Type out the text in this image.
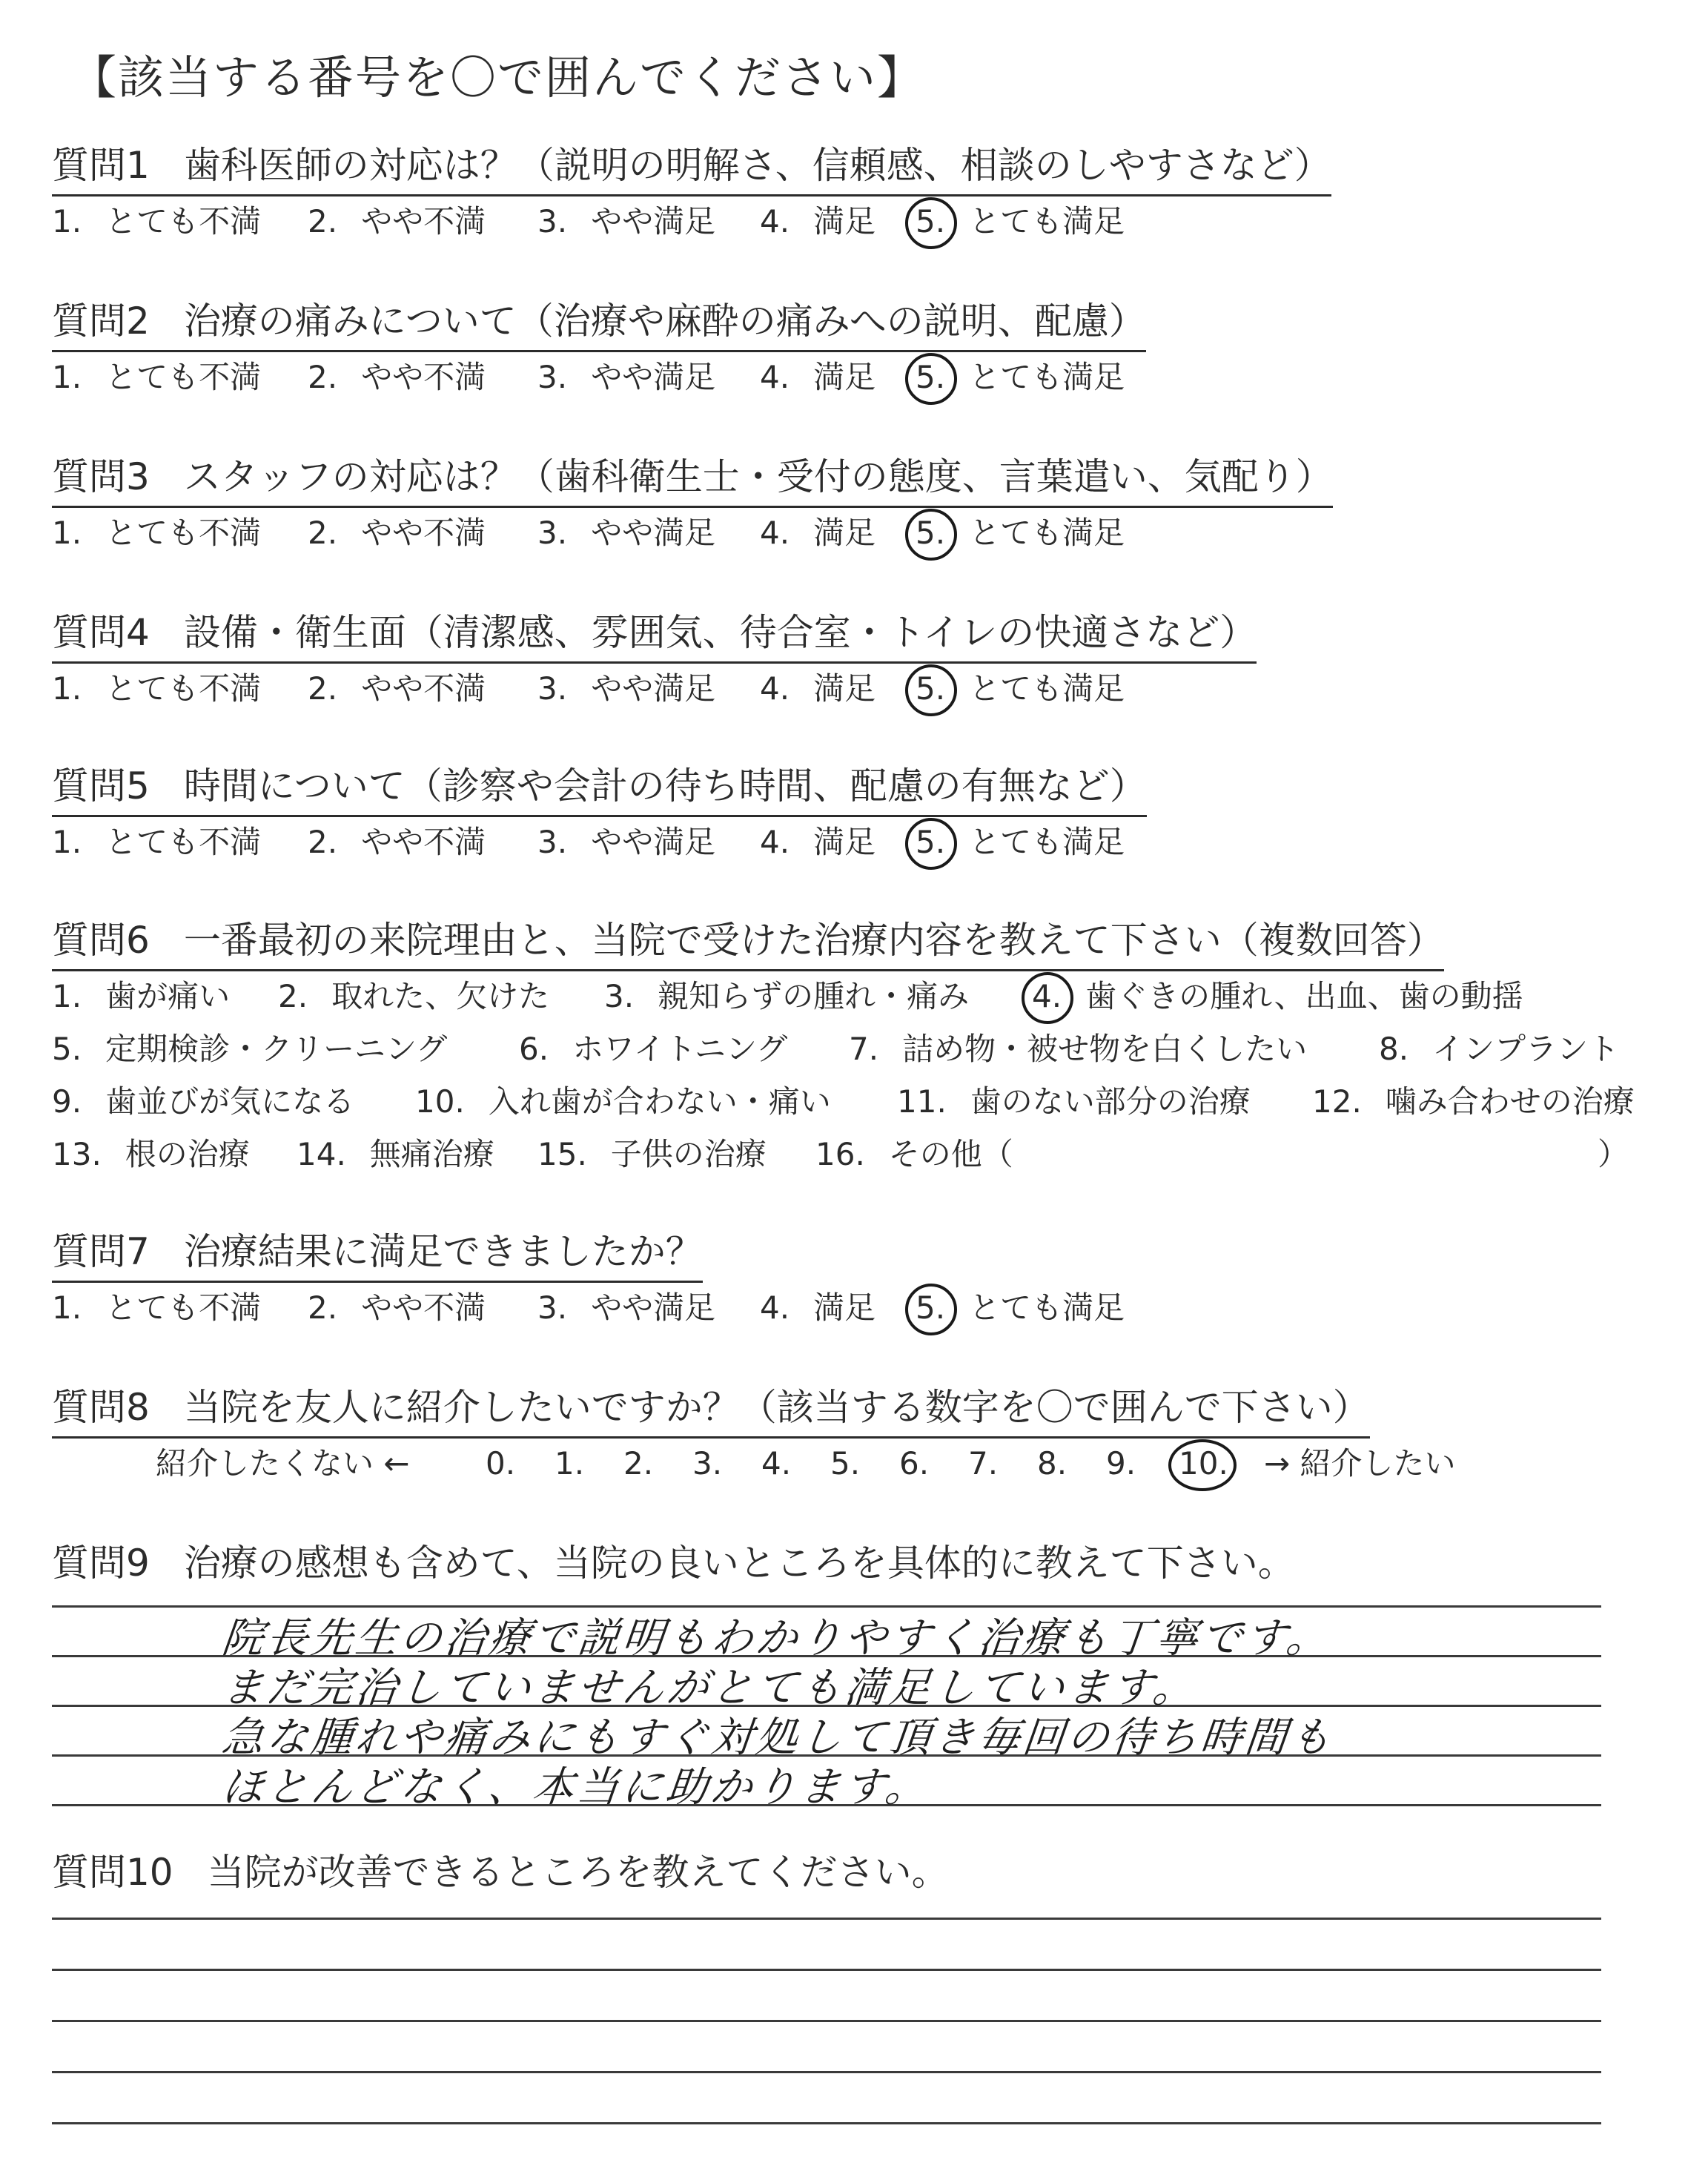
【該当する番号を〇で囲んでください】
質問1 歯科医師の対応は？（説明の明解さ、信頼感、相談のしやすさなど）
1. とても不満 2. やや不満 3. やや満足 4. 満足 5. とても満足
質問2 治療の痛みについて（治療や麻酔の痛みへの説明、配慮）
1. とても不満 2. やや不満 3. やや満足 4. 満足 5. とても満足
質問3 スタッフの対応は？（歯科衛生士・受付の態度、言葉遣い、気配り）
1. とても不満 2. やや不満 3. やや満足 4. 満足 5. とても満足
質問4 設備・衛生面（清潔感、雰囲気、待合室・トイレの快適さなど）
1. とても不満 2. やや不満 3. やや満足 4. 満足 5. とても満足
質問5 時間について（診察や会計の待ち時間、配慮の有無など）
1. とても不満 2. やや不満 3. やや満足 4. 満足 5. とても満足
質問6 一番最初の来院理由と、当院で受けた治療内容を教えて下さい（複数回答）
1. 歯が痛い 2. 取れた、欠けた 3. 親知らずの腫れ・痛み 4. 歯ぐきの腫れ、出血、歯の動揺
5. 定期検診・クリーニング 6. ホワイトニング 7. 詰め物・被せ物を白くしたい 8. インプラント
9. 歯並びが気になる 10. 入れ歯が合わない・痛い 11. 歯のない部分の治療 12. 噛み合わせの治療
13. 根の治療 14. 無痛治療 15. 子供の治療 16. その他（	）
質問7 治療結果に満足できましたか？
1. とても不満 2. やや不満 3. やや満足 4. 満足 5. とても満足
質問8 当院を友人に紹介したいですか？（該当する数字を〇で囲んで下さい）
紹介したくない ← 0. 1. 2. 3. 4. 5. 6. 7. 8. 9. 10. → 紹介したい
質問9 治療の感想も含めて、当院の良いところを具体的に教えて下さい。
院長先生の治療で説明もわかりやすく治療も丁寧です。
まだ完治していませんがとても満足しています。
急な腫れや痛みにもすぐ対処して頂き毎回の待ち時間も
ほとんどなく、本当に助かります。
質問10 当院が改善できるところを教えてください。
